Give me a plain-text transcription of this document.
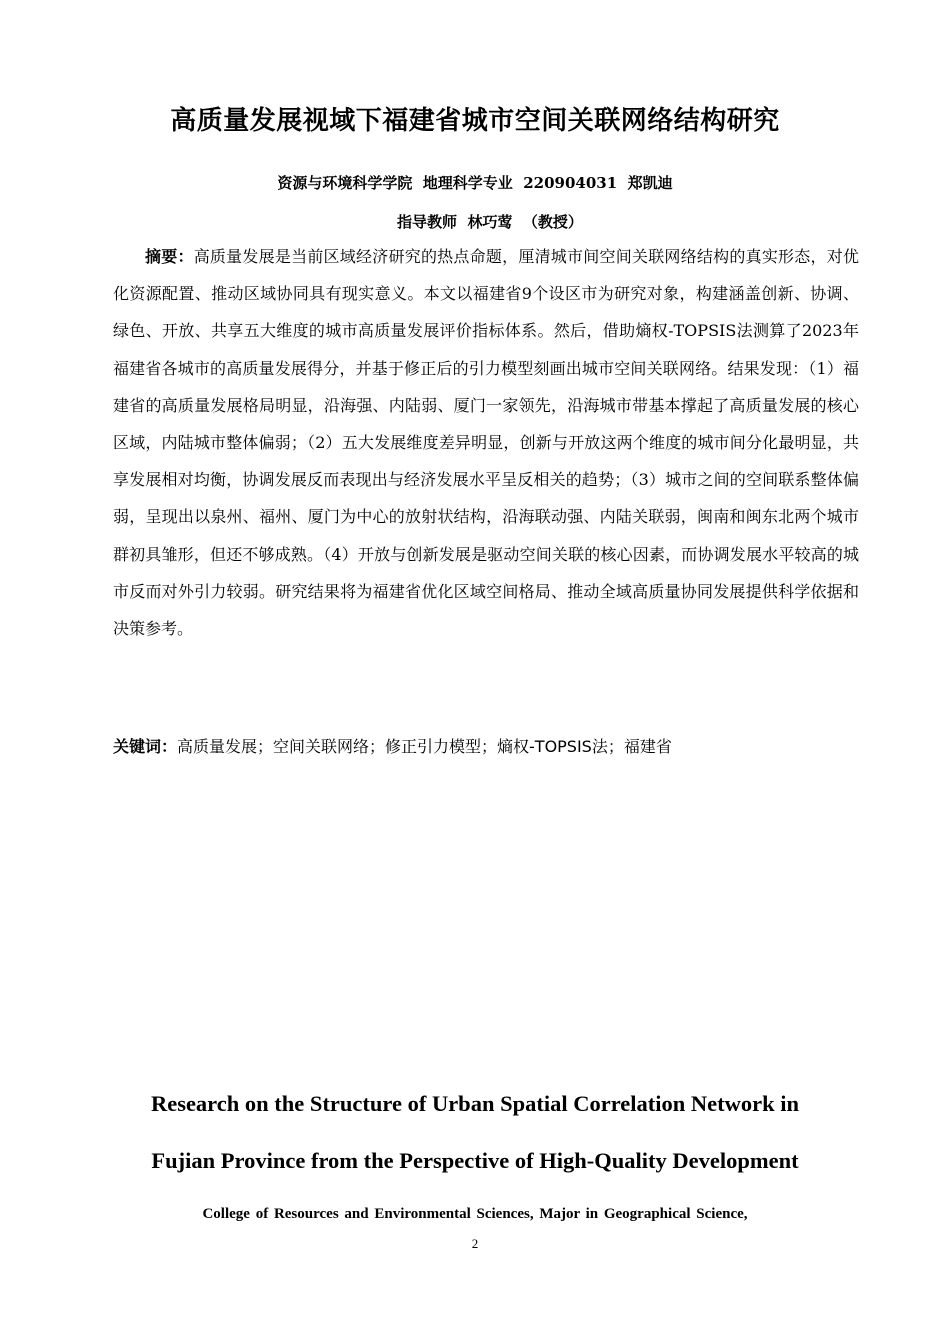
高质量发展视域下福建省城市空间关联网络结构研究
资源与环境科学学院  地理科学专业  220904031  郑凯迪
指导教师  林巧莺  （教授）
摘要：高质量发展是当前区域经济研究的热点命题，厘清城市间空间关联网络结构的真实形态，对优化资源配置、推动区域协同具有现实意义。本文以福建省9个设区市为研究对象，构建涵盖创新、协调、绿色、开放、共享五大维度的城市高质量发展评价指标体系。然后，借助熵权-TOPSIS法测算了2023年福建省各城市的高质量发展得分，并基于修正后的引力模型刻画出城市空间关联网络。结果发现：（1）福建省的高质量发展格局明显，沿海强、内陆弱、厦门一家领先，沿海城市带基本撑起了高质量发展的核心区域，内陆城市整体偏弱；（2）五大发展维度差异明显，创新与开放这两个维度的城市间分化最明显，共享发展相对均衡，协调发展反而表现出与经济发展水平呈反相关的趋势；（3）城市之间的空间联系整体偏弱，呈现出以泉州、福州、厦门为中心的放射状结构，沿海联动强、内陆关联弱，闽南和闽东北两个城市群初具雏形，但还不够成熟。（4）开放与创新发展是驱动空间关联的核心因素，而协调发展水平较高的城市反而对外引力较弱。研究结果将为福建省优化区域空间格局、推动全域高质量协同发展提供科学依据和决策参考。
关键词：高质量发展；空间关联网络；修正引力模型；熵权-TOPSIS法；福建省
Research on the Structure of Urban Spatial Correlation Network in
Fujian Province from the Perspective of High-Quality Development
College of Resources and Environmental Sciences, Major in Geographical Science,
2
